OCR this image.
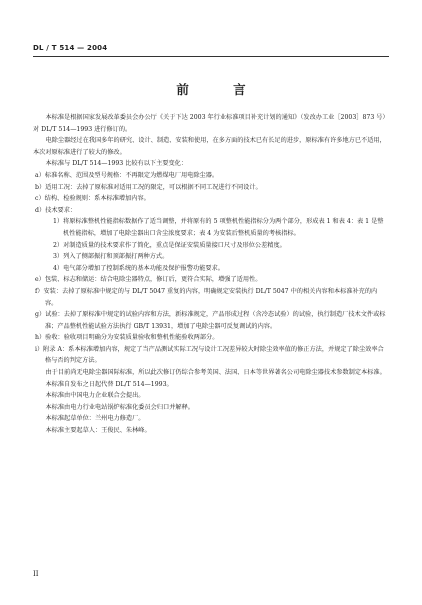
DL / T 514 — 2004
前 言

本标准是根据国家发展改革委员会办公厅《关于下达 2003 年行业标准项目补充计划的通知》（发改办工业［2003］873 号）对 DL/T 514—1993 进行修订的。

电除尘器经过在我国多年的研究、设计、制造、安装和使用，在多方面的技术已有长足的进步，原标准有许多地方已不适用，本次对原标准进行了较大的修改。

本标准与 DL/T 514—1993 比较有以下主要变化：

a）标准名称、范围及型号规格：不再限定为燃煤电厂用电除尘器。

b）适用工况：去掉了原标准对适用工况的限定，可以根据不同工况进行不同设计。

c）结构、检验规则：系本标准增加内容。

d）技术要求：

1）将原标准整机性能指标数据作了适当调整，并将原有的 5 项整机性能指标分为两个部分，形成表 1 和表 4：表 1 是整机性能指标，增加了电除尘器出口含尘浓度要求；表 4 为安装后整机质量的考核指标。

2）对制造质量的技术要求作了简化，重点是保证安装质量接口尺寸及形位公差精度。

3）列入了侧部振打和顶部振打两种方式。

4）电气部分增加了控制系统的基本功能及保护报警功能要求。

e）包装、标志和储运：结合电除尘器特点，修订后，更符合实际，增强了适用性。

f）安装：去掉了原标准中规定的与 DL/T 5047 重复的内容，明确规定安装执行 DL/T 5047 中的相关内容和本标准补充的内容。

g）试验：去掉了原标准中规定的试验内容和方法，新标准规定，产品形成过程（含冷态试验）的试验，执行制造厂技术文件或标准；产品整机性能试验方法执行 GB/T 13931，增加了电除尘器可反复调试的内容。

h）验收：验收项目明确分为安装质量验收和整机性能验收两部分。

i）附录 A：系本标准增加内容，规定了当产品测试实际工况与设计工况差异较大时除尘效率值的修正方法，并规定了除尘效率合格与否的判定方法。

由于目前尚无电除尘器国际标准，所以此次修订仍综合参考美国、法国、日本等世界著名公司电除尘器技术参数制定本标准。

本标准自发布之日起代替 DL/T 514—1993。

本标准由中国电力企业联合会提出。

本标准由电力行业电站锅炉标准化委员会归口并解释。

本标准起草单位：兰州电力修造厂。

本标准主要起草人：王俊民、朱林峰。

II
